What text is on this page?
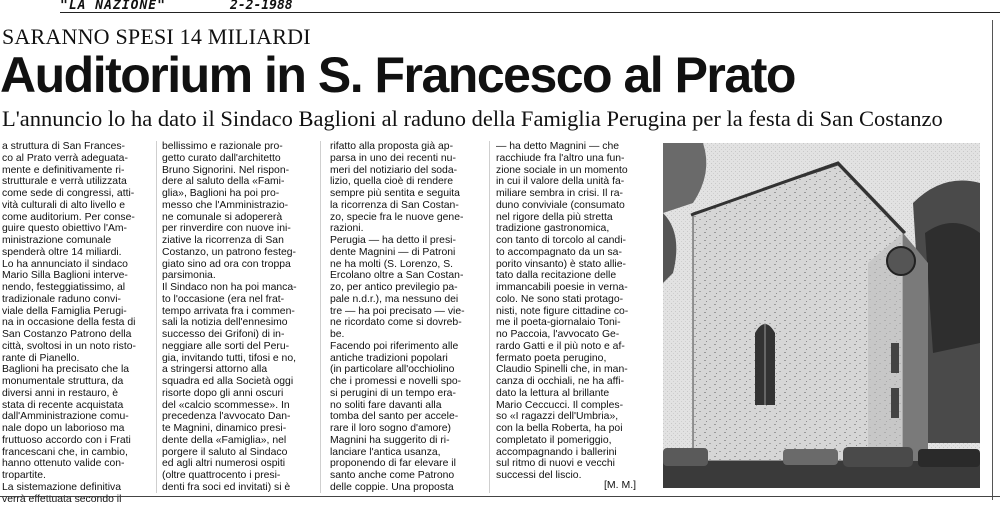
"LA NAZIONE"	2-2-1988
SARANNO SPESI 14 MILIARDI
Auditorium in S. Francesco al Prato
L'annuncio lo ha dato il Sindaco Baglioni al raduno della Famiglia Perugina per la festa di San Costanzo

a struttura di San Frances-
co al Prato verrà adeguata-
mente e definitivamente ri-
strutturale e verrà utilizzata
come sede di congressi, atti-
vità culturali di alto livello e
come auditorium. Per conse-
guire questo obiettivo l'Am-
ministrazione comunale
spenderà oltre 14 miliardi.
Lo ha annunciato il sindaco
Mario Silla Baglioni interve-
nendo, festeggiatissimo, al
tradizionale raduno convi-
viale della Famiglia Perugi-
na in occasione della festa di
San Costanzo Patrono della
città, svoltosi in un noto risto-
rante di Pianello.
Baglioni ha precisato che la
monumentale struttura, da
diversi anni in restauro, è
stata di recente acquistata
dall'Amministrazione comu-
nale dopo un laborioso ma
fruttuoso accordo con i Frati
francescani che, in cambio,
hanno ottenuto valide con-
tropartite.
La sistemazione definitiva
verrà effettuata secondo il

bellissimo e razionale pro-
getto curato dall'architetto
Bruno Signorini. Nel rispon-
dere al saluto della «Fami-
glia», Baglioni ha poi pro-
messo che l'Amministrazio-
ne comunale si adopererà
per rinverdire con nuove ini-
ziative la ricorrenza di San
Costanzo, un patrono festeg-
giato sino ad ora con troppa
parsimonia.
Il Sindaco non ha poi manca-
to l'occasione (era nel frat-
tempo arrivata fra i commen-
sali la notizia dell'ennesimo
successo dei Grifoni) di in-
neggiare alle sorti del Peru-
gia, invitando tutti, tifosi e no,
a stringersi attorno alla
squadra ed alla Società oggi
risorte dopo gli anni oscuri
del «calcio scommesse». In
precedenza l'avvocato Dan-
te Magnini, dinamico presi-
dente della «Famiglia», nel
porgere il saluto al Sindaco
ed agli altri numerosi ospiti
(oltre quattrocento i presi-
denti fra soci ed invitati) si è

rifatto alla proposta già ap-
parsa in uno dei recenti nu-
meri del notiziario del soda-
lizio, quella cioè di rendere
sempre più sentita e seguita
la ricorrenza di San Costan-
zo, specie fra le nuove gene-
razioni.
Perugia — ha detto il presi-
dente Magnini — di Patroni
ne ha molti (S. Lorenzo, S.
Ercolano oltre a San Costan-
zo, per antico previlegio pa-
pale n.d.r.), ma nessuno dei
tre — ha poi precisato — vie-
ne ricordato come si dovreb-
be.
Facendo poi riferimento alle
antiche tradizioni popolari
(in particolare all'occhiolino
che i promessi e novelli spo-
si perugini di un tempo era-
no soliti fare davanti alla
tomba del santo per accele-
rare il loro sogno d'amore)
Magnini ha suggerito di ri-
lanciare l'antica usanza,
proponendo di far elevare il
santo anche come Patrono
delle coppie. Una proposta

— ha detto Magnini — che
racchiude fra l'altro una fun-
zione sociale in un momento
in cui il valore della unità fa-
miliare sembra in crisi. Il ra-
duno conviviale (consumato
nel rigore della più stretta
tradizione gastronomica,
con tanto di torcolo al candi-
to accompagnato da un sa-
porito vinsanto) è stato allie-
tato dalla recitazione delle
immancabili poesie in verna-
colo. Ne sono stati protago-
nisti, note figure cittadine co-
me il poeta-giornalaio Toni-
no Paccoia, l'avvocato Ge-
rardo Gatti e il più noto e af-
fermato poeta perugino,
Claudio Spinelli che, in man-
canza di occhiali, ne ha affi-
dato la lettura al brillante
Mario Ceccucci. Il comples-
so «I ragazzi dell'Umbria»,
con la bella Roberta, ha poi
completato il pomeriggio,
accompagnando i ballerini
sul ritmo di nuovi e vecchi
successi del liscio.

[M. M.]
